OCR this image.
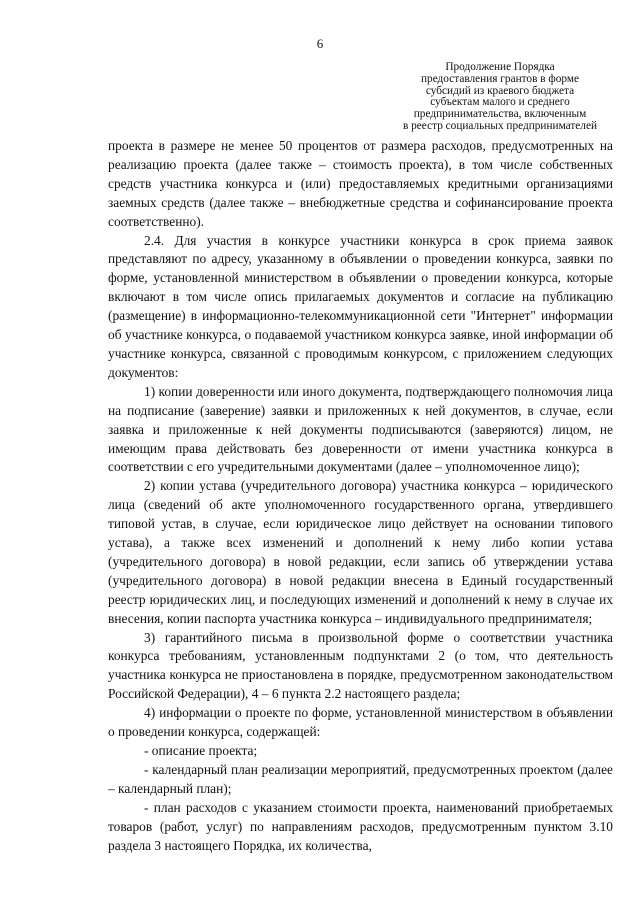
6
Продолжение Порядка
предоставления грантов в форме
субсидий из краевого бюджета
субъектам малого и среднего
предпринимательства, включенным
в реестр социальных предпринимателей

проекта в размере не менее 50 процентов от размера расходов, предусмотренных на реализацию проекта (далее также – стоимость проекта), в том числе собственных средств участника конкурса и (или) предоставляемых кредитными организациями заемных средств (далее также – внебюджетные средства и софинансирование проекта соответственно).

2.4. Для участия в конкурсе участники конкурса в срок приема заявок представляют по адресу, указанному в объявлении о проведении конкурса, заявки по форме, установленной министерством в объявлении о проведении конкурса, которые включают в том числе опись прилагаемых документов и согласие на публикацию (размещение) в информационно-телекоммуникационной сети "Интернет" информации об участнике конкурса, о подаваемой участником конкурса заявке, иной информации об участнике конкурса, связанной с проводимым конкурсом, с приложением следующих документов:

1) копии доверенности или иного документа, подтверждающего полномочия лица на подписание (заверение) заявки и приложенных к ней документов, в случае, если заявка и приложенные к ней документы подписываются (заверяются) лицом, не имеющим права действовать без доверенности от имени участника конкурса в соответствии с его учредительными документами (далее – уполномоченное лицо);

2) копии устава (учредительного договора) участника конкурса – юридического лица (сведений об акте уполномоченного государственного органа, утвердившего типовой устав, в случае, если юридическое лицо действует на основании типового устава), а также всех изменений и дополнений к нему либо копии устава (учредительного договора) в новой редакции, если запись об утверждении устава (учредительного договора) в новой редакции внесена в Единый государственный реестр юридических лиц, и последующих изменений и дополнений к нему в случае их внесения, копии паспорта участника конкурса – индивидуального предпринимателя;

3) гарантийного письма в произвольной форме о соответствии участника конкурса требованиям, установленным подпунктами 2 (о том, что деятельность участника конкурса не приостановлена в порядке, предусмотренном законодательством Российской Федерации), 4 – 6 пункта 2.2 настоящего раздела;

4) информации о проекте по форме, установленной министерством в объявлении о проведении конкурса, содержащей:

- описание проекта;

- календарный план реализации мероприятий, предусмотренных проектом (далее – календарный план);

- план расходов с указанием стоимости проекта, наименований приобретаемых товаров (работ, услуг) по направлениям расходов, предусмотренным пунктом 3.10 раздела 3 настоящего Порядка, их количества,
